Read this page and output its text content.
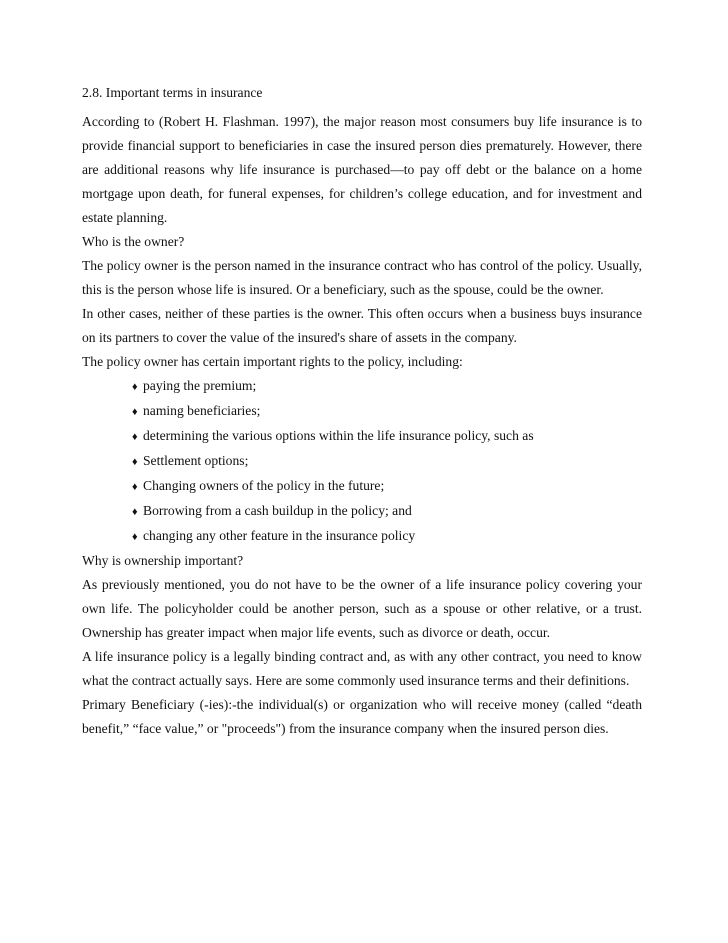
2.8. Important terms in insurance

According to (Robert H. Flashman. 1997), the major reason most consumers buy life insurance is to provide financial support to beneficiaries in case the insured person dies prematurely. However, there are additional reasons why life insurance is purchased—to pay off debt or the balance on a home mortgage upon death, for funeral expenses, for children’s college education, and for investment and estate planning.

Who is the owner?

The policy owner is the person named in the insurance contract who has control of the policy. Usually, this is the person whose life is insured. Or a beneficiary, such as the spouse, could be the owner.

In other cases, neither of these parties is the owner. This often occurs when a business buys insurance on its partners to cover the value of the insured's share of assets in the company.

The policy owner has certain important rights to the policy, including:

♦ paying the premium;
♦ naming beneficiaries;
♦ determining the various options within the life insurance policy, such as
♦ Settlement options;
♦ Changing owners of the policy in the future;
♦ Borrowing from a cash buildup in the policy; and
♦ changing any other feature in the insurance policy

Why is ownership important?

As previously mentioned, you do not have to be the owner of a life insurance policy covering your own life. The policyholder could be another person, such as a spouse or other relative, or a trust. Ownership has greater impact when major life events, such as divorce or death, occur.

A life insurance policy is a legally binding contract and, as with any other contract, you need to know what the contract actually says. Here are some commonly used insurance terms and their definitions.

Primary Beneficiary (-ies):-the individual(s) or organization who will receive money (called “death benefit,” “face value,” or "proceeds") from the insurance company when the insured person dies.
